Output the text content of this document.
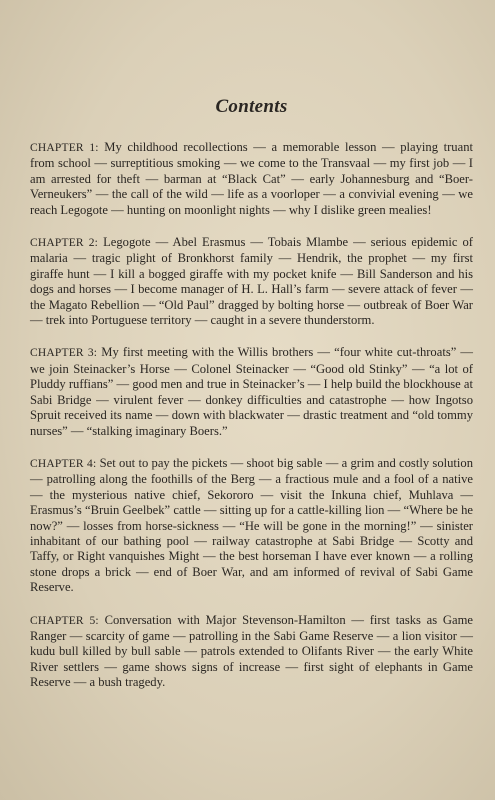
Contents

CHAPTER 1: My childhood recollections — a memorable lesson — playing truant from school — surreptitious smoking — we come to the Transvaal — my first job — I am arrested for theft — barman at “Black Cat” — early Johannesburg and “Boer-Verneukers” — the call of the wild — life as a voorloper — a convivial evening — we reach Legogote — hunting on moonlight nights — why I dislike green mealies!

CHAPTER 2: Legogote — Abel Erasmus — Tobais Mlambe — serious epidemic of malaria — tragic plight of Bronkhorst family — Hendrik, the prophet — my first giraffe hunt — I kill a bogged giraffe with my pocket knife — Bill Sanderson and his dogs and horses — I become manager of H. L. Hall’s farm — severe attack of fever — the Magato Rebellion — “Old Paul” dragged by bolting horse — outbreak of Boer War — trek into Portuguese territory — caught in a severe thunderstorm.

CHAPTER 3: My first meeting with the Willis brothers — “four white cut-throats” — we join Steinacker’s Horse — Colonel Steinacker — “Good old Stinky” — “a lot of Pluddy ruffians” — good men and true in Steinacker’s — I help build the blockhouse at Sabi Bridge — virulent fever — donkey difficulties and catastrophe — how Ingotso Spruit received its name — down with blackwater — drastic treatment and “old tommy nurses” — “stalking imaginary Boers.”

CHAPTER 4: Set out to pay the pickets — shoot big sable — a grim and costly solution — patrolling along the foothills of the Berg — a fractious mule and a fool of a native — the mysterious native chief, Sekororo — visit the Inkuna chief, Muhlava — Erasmus’s “Bruin Geelbek” cattle — sitting up for a cattle-killing lion — “Where be he now?” — losses from horse-sickness — “He will be gone in the morning!” — sinister inhabitant of our bathing pool — railway catastrophe at Sabi Bridge — Scotty and Taffy, or Right vanquishes Might — the best horseman I have ever known — a rolling stone drops a brick — end of Boer War, and am informed of revival of Sabi Game Reserve.

CHAPTER 5: Conversation with Major Stevenson-Hamilton — first tasks as Game Ranger — scarcity of game — patrolling in the Sabi Game Reserve — a lion visitor — kudu bull killed by bull sable — patrols extended to Olifants River — the early White River settlers — game shows signs of increase — first sight of elephants in Game Reserve — a bush tragedy.
